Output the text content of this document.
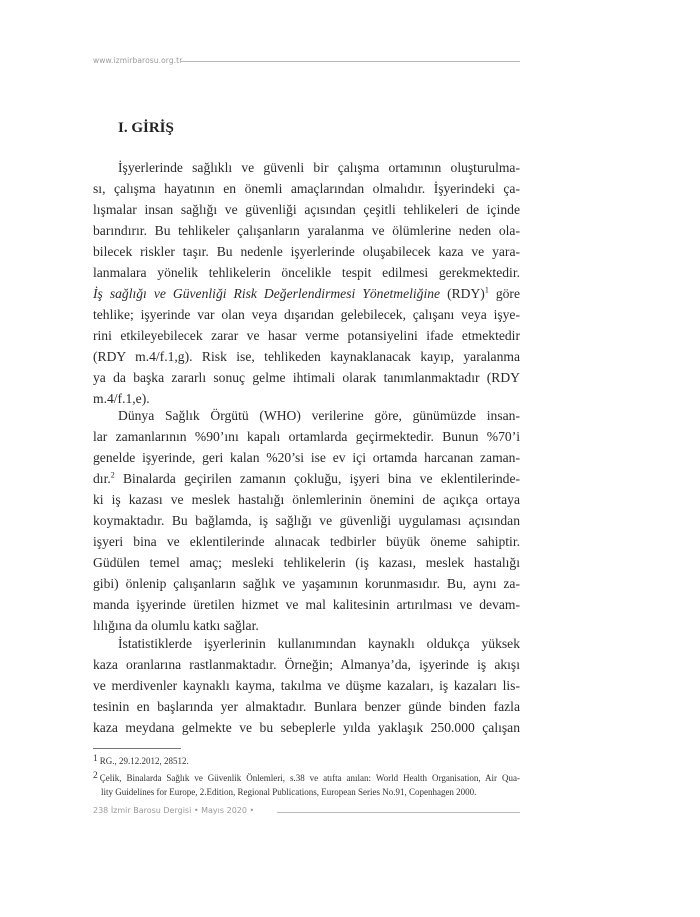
www.izmirbarosu.org.tr
I. GİRİŞ
İşyerlerinde sağlıklı ve güvenli bir çalışma ortamının oluşturulma-
sı, çalışma hayatının en önemli amaçlarından olmalıdır. İşyerindeki ça-
lışmalar insan sağlığı ve güvenliği açısından çeşitli tehlikeleri de içinde
barındırır. Bu tehlikeler çalışanların yaralanma ve ölümlerine neden ola-
bilecek riskler taşır. Bu nedenle işyerlerinde oluşabilecek kaza ve yara-
lanmalara yönelik tehlikelerin öncelikle tespit edilmesi gerekmektedir.
İş sağlığı ve Güvenliği Risk Değerlendirmesi Yönetmeliğine (RDY)$^1$ göre
tehlike; işyerinde var olan veya dışarıdan gelebilecek, çalışanı veya işye-
rini etkileyebilecek zarar ve hasar verme potansiyelini ifade etmektedir
(RDY m.4/f.1,g). Risk ise, tehlikeden kaynaklanacak kayıp, yaralanma
ya da başka zararlı sonuç gelme ihtimali olarak tanımlanmaktadır (RDY
m.4/f.1,e).
Dünya Sağlık Örgütü (WHO) verilerine göre, günümüzde insan-
lar zamanlarının %90’ını kapalı ortamlarda geçirmektedir. Bunun %70’i
genelde işyerinde, geri kalan %20’si ise ev içi ortamda harcanan zaman-
dır.$^2$ Binalarda geçirilen zamanın çokluğu, işyeri bina ve eklentilerinde-
ki iş kazası ve meslek hastalığı önlemlerinin önemini de açıkça ortaya
koymaktadır. Bu bağlamda, iş sağlığı ve güvenliği uygulaması açısından
işyeri bina ve eklentilerinde alınacak tedbirler büyük öneme sahiptir.
Güdülen temel amaç; mesleki tehlikelerin (iş kazası, meslek hastalığı
gibi) önlenip çalışanların sağlık ve yaşamının korunmasıdır. Bu, aynı za-
manda işyerinde üretilen hizmet ve mal kalitesinin artırılması ve devam-
lılığına da olumlu katkı sağlar.
İstatistiklerde işyerlerinin kullanımından kaynaklı oldukça yüksek
kaza oranlarına rastlanmaktadır. Örneğin; Almanya’da, işyerinde iş akışı
ve merdivenler kaynaklı kayma, takılma ve düşme kazaları, iş kazaları lis-
tesinin en başlarında yer almaktadır. Bunlara benzer günde binden fazla
kaza meydana gelmekte ve bu sebeplerle yılda yaklaşık 250.000 çalışan
1 RG., 29.12.2012, 28512.
2 Çelik, Binalarda Sağlık ve Güvenlik Önlemleri, s.38 ve atıfta anılan: World Health Organisation, Air Qua-
lity Guidelines for Europe, 2.Edition, Regional Publications, European Series No.91, Copenhagen 2000.
238 İzmir Barosu Dergisi • Mayıs 2020 •
